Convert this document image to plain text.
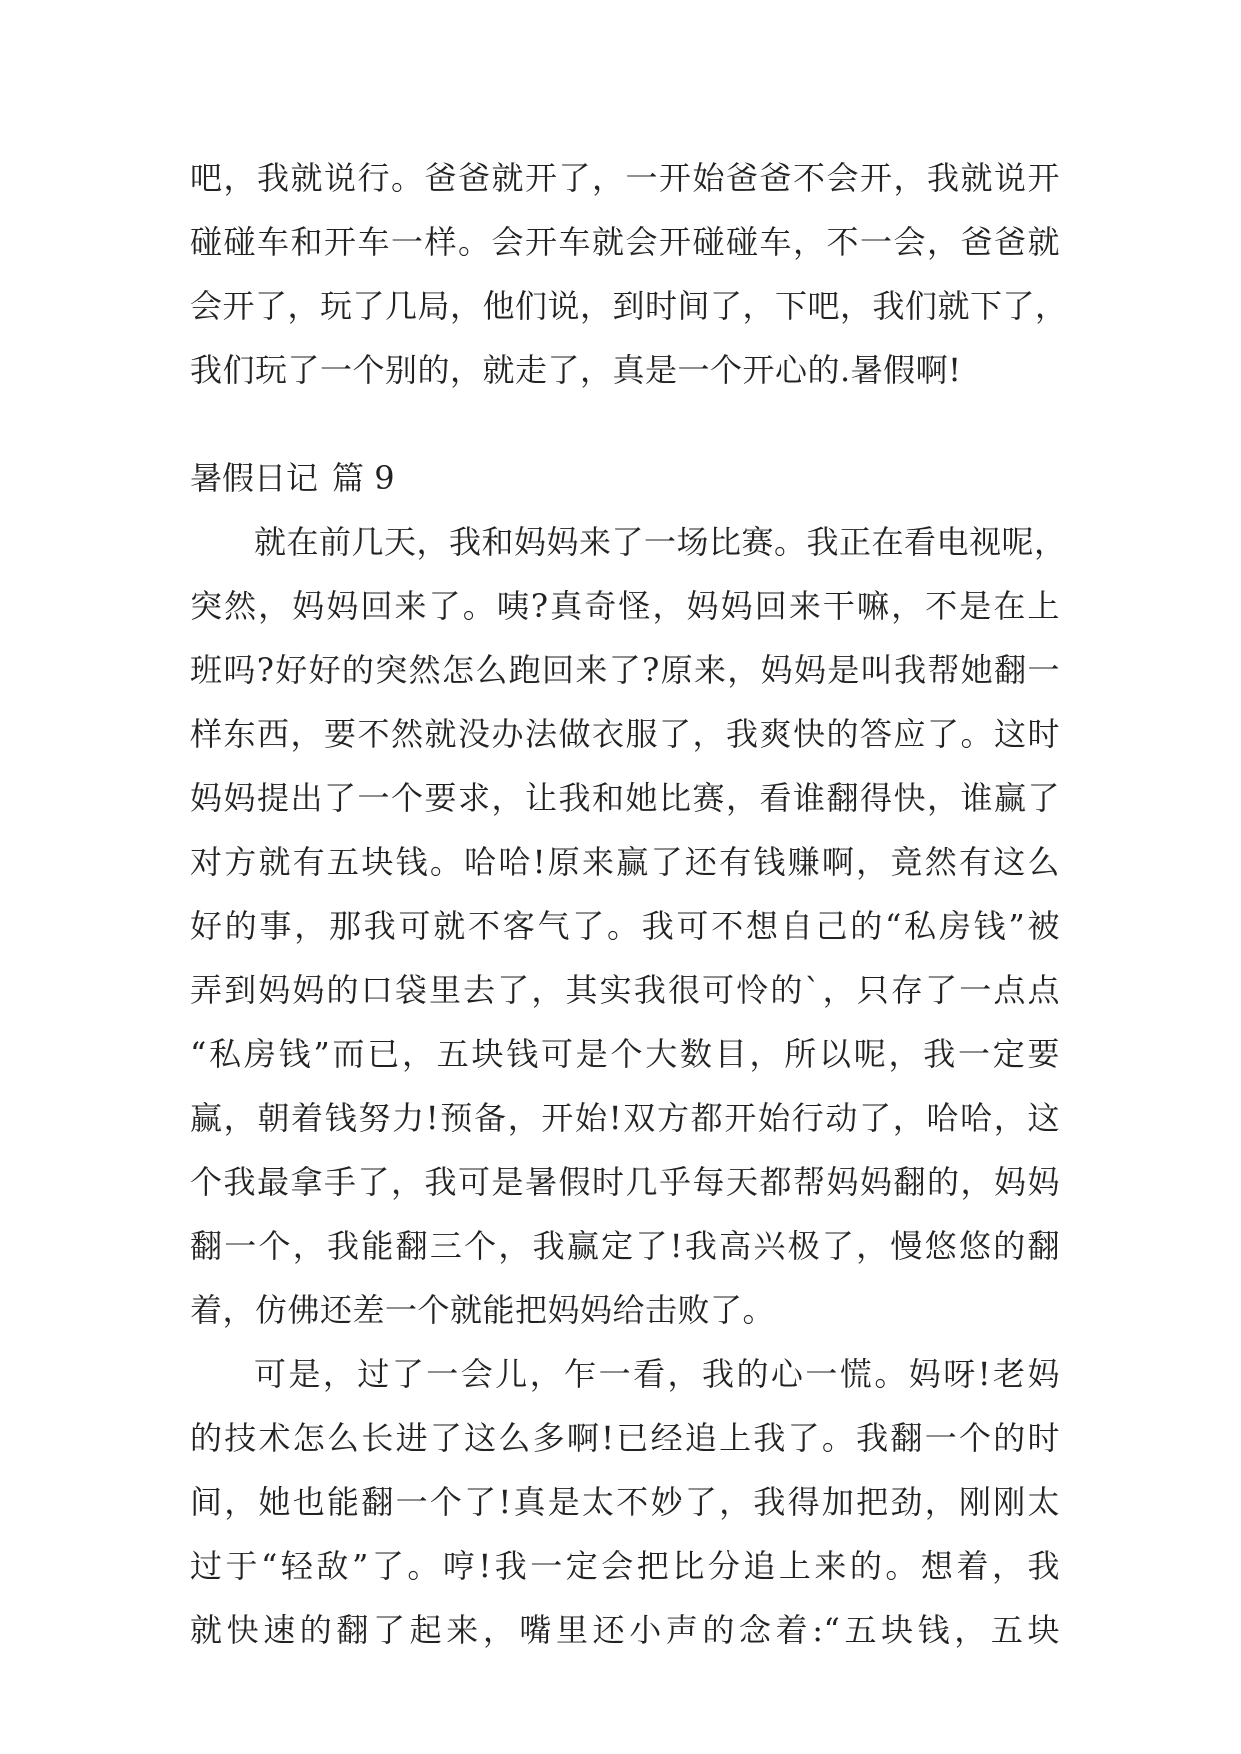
吧，我就说行。爸爸就开了，一开始爸爸不会开，我就说开
碰碰车和开车一样。会开车就会开碰碰车，不一会，爸爸就
会开了，玩了几局，他们说，到时间了，下吧，我们就下了，
我们玩了一个别的，就走了，真是一个开心的.暑假啊!
暑假日记 篇 9
就在前几天，我和妈妈来了一场比赛。我正在看电视呢，
突然，妈妈回来了。咦?真奇怪，妈妈回来干嘛，不是在上
班吗?好好的突然怎么跑回来了?原来，妈妈是叫我帮她翻一
样东西，要不然就没办法做衣服了，我爽快的答应了。这时
妈妈提出了一个要求，让我和她比赛，看谁翻得快，谁赢了
对方就有五块钱。哈哈!原来赢了还有钱赚啊，竟然有这么
好的事，那我可就不客气了。我可不想自己的“私房钱”被
弄到妈妈的口袋里去了，其实我很可怜的`，只存了一点点
“私房钱”而已，五块钱可是个大数目，所以呢，我一定要
赢，朝着钱努力!预备，开始!双方都开始行动了，哈哈，这
个我最拿手了，我可是暑假时几乎每天都帮妈妈翻的，妈妈
翻一个，我能翻三个，我赢定了!我高兴极了，慢悠悠的翻
着，仿佛还差一个就能把妈妈给击败了。
可是，过了一会儿，乍一看，我的心一慌。妈呀!老妈
的技术怎么长进了这么多啊!已经追上我了。我翻一个的时
间，她也能翻一个了!真是太不妙了，我得加把劲，刚刚太
过于“轻敌”了。哼!我一定会把比分追上来的。想着，我
就快速的翻了起来，嘴里还小声的念着:“五块钱，五块
